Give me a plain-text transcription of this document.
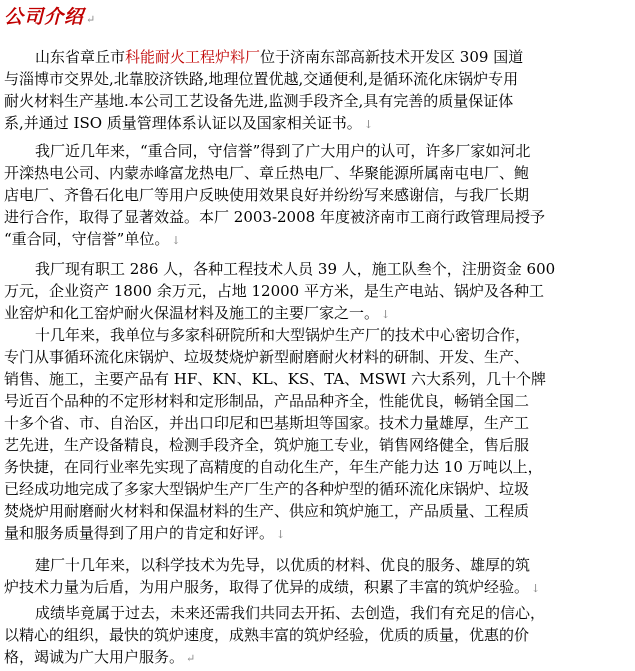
公司介绍 ↵
山东省章丘市科能耐火工程炉料厂位于济南东部高新技术开发区 309 国道
与淄博市交界处,北靠胶济铁路,地理位置优越,交通便利,是循环流化床锅炉专用
耐火材料生产基地.本公司工艺设备先进,监测手段齐全,具有完善的质量保证体
系,并通过 ISO 质量管理体系认证以及国家相关证书。 ↓
我厂近几年来，“重合同，守信誉”得到了广大用户的认可，许多厂家如河北
开滦热电公司、内蒙赤峰富龙热电厂、章丘热电厂、华聚能源所属南屯电厂、鲍
店电厂、齐鲁石化电厂等用户反映使用效果良好并纷纷写来感谢信，与我厂长期
进行合作，取得了显著效益。本厂 2003-2008 年度被济南市工商行政管理局授予
“重合同，守信誉”单位。 ↓
我厂现有职工 286 人，各种工程技术人员 39 人，施工队叁个，注册资金 600
万元，企业资产 1800 余万元，占地 12000 平方米，是生产电站、锅炉及各种工
业窑炉和化工窑炉耐火保温材料及施工的主要厂家之一。 ↓
十几年来，我单位与多家科研院所和大型锅炉生产厂的技术中心密切合作，
专门从事循环流化床锅炉、垃圾焚烧炉新型耐磨耐火材料的研制、开发、生产、
销售、施工，主要产品有 HF、KN、KL、KS、TA、MSWI 六大系列，几十个牌
号近百个品种的不定形材料和定形制品，产品品种齐全，性能优良，畅销全国二
十多个省、市、自治区，并出口印尼和巴基斯坦等国家。技术力量雄厚，生产工
艺先进，生产设备精良，检测手段齐全，筑炉施工专业，销售网络健全，售后服
务快捷，在同行业率先实现了高精度的自动化生产，年生产能力达 10 万吨以上，
已经成功地完成了多家大型锅炉生产厂生产的各种炉型的循环流化床锅炉、垃圾
焚烧炉用耐磨耐火材料和保温材料的生产、供应和筑炉施工，产品质量、工程质
量和服务质量得到了用户的肯定和好评。 ↓
建厂十几年来，以科学技术为先导，以优质的材料、优良的服务、雄厚的筑
炉技术力量为后盾，为用户服务，取得了优异的成绩，积累了丰富的筑炉经验。 ↓
成绩毕竟属于过去，未来还需我们共同去开拓、去创造，我们有充足的信心，
以精心的组织，最快的筑炉速度，成熟丰富的筑炉经验，优质的质量，优惠的价
格，竭诚为广大用户服务。 ↵
